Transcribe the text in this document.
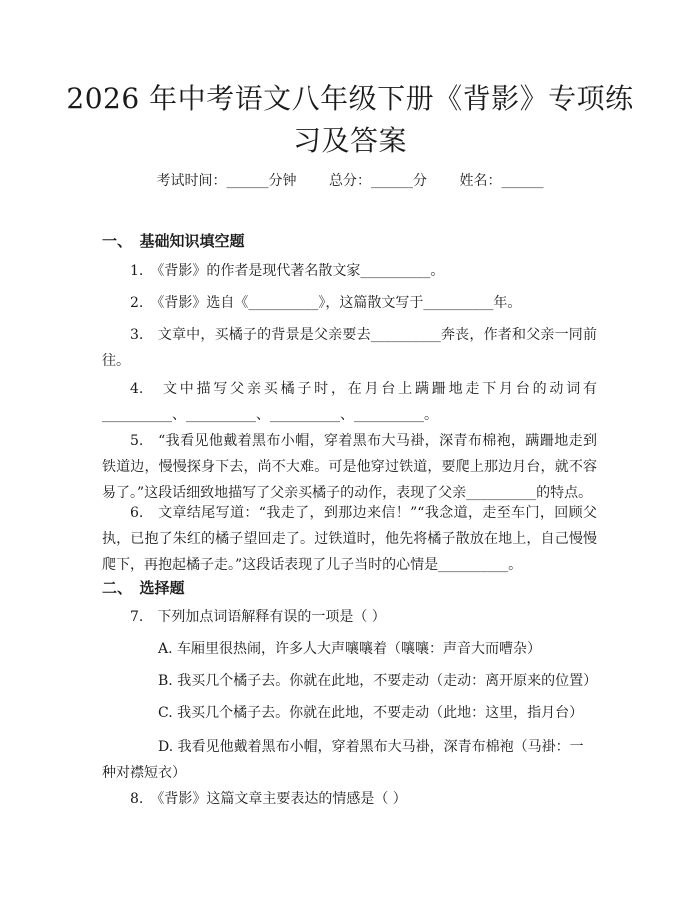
2026 年中考语文八年级下册《背影》专项练习及答案
考试时间：______分钟 总分：______分 姓名：______
一、　基础知识填空题
1.　《背影》的作者是现代著名散文家__________。
2.　《背影》选自《__________》，这篇散文写于__________年。
3.　文章中，买橘子的背景是父亲要去__________奔丧，作者和父亲一同前往。
4.　文中描写父亲买橘子时，在月台上蹒跚地走下月台的动词有__________、__________、__________、__________。
5.　“我看见他戴着黑布小帽，穿着黑布大马褂，深青布棉袍，蹒跚地走到铁道边，慢慢探身下去，尚不大难。可是他穿过铁道，要爬上那边月台，就不容易了。”这段话细致地描写了父亲买橘子的动作，表现了父亲__________的特点。
6.　文章结尾写道：“我走了，到那边来信！”“我念道，走至车门，回顾父执，已抱了朱红的橘子望回走了。过铁道时，他先将橘子散放在地上，自己慢慢爬下，再抱起橘子走。”这段话表现了儿子当时的心情是__________。
二、　选择题
7.　下列加点词语解释有误的一项是（ ）
A. 车厢里很热闹，许多人大声嚷嚷着（嚷嚷：声音大而嘈杂）
B. 我买几个橘子去。你就在此地，不要走动（走动：离开原来的位置）
C. 我买几个橘子去。你就在此地，不要走动（此地：这里，指月台）
D. 我看见他戴着黑布小帽，穿着黑布大马褂，深青布棉袍（马褂：一种对襟短衣）
8.　《背影》这篇文章主要表达的情感是（ ）
